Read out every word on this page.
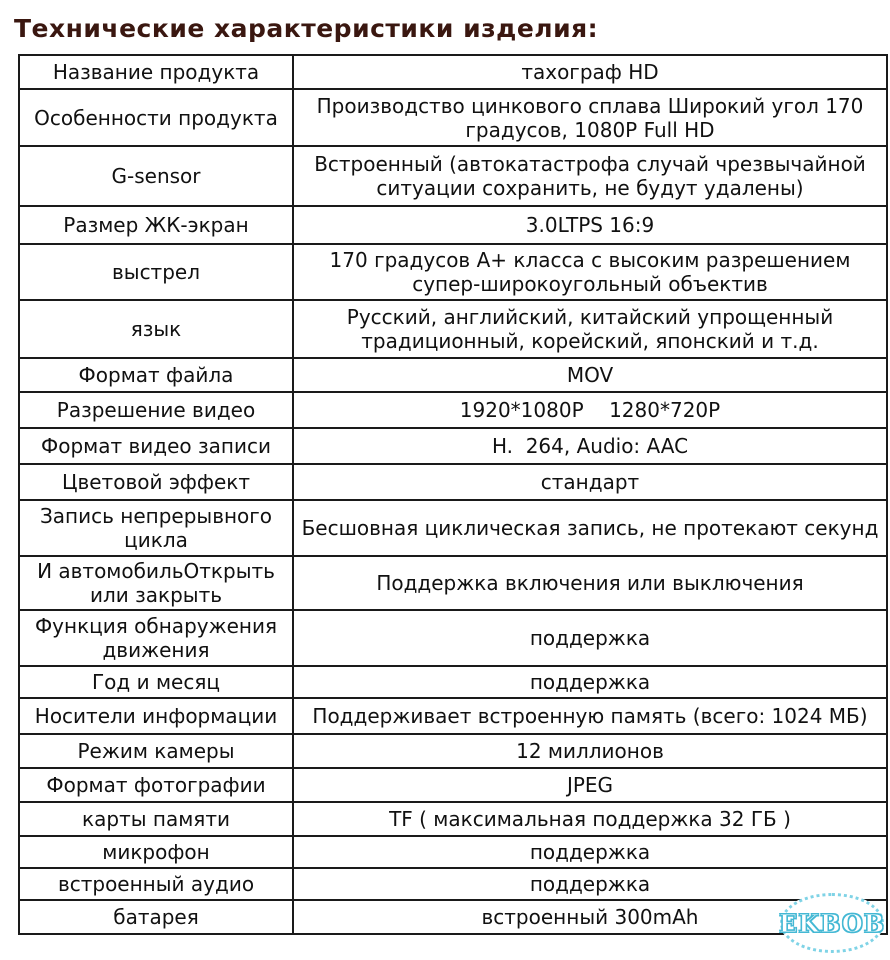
Технические характеристики изделия:
Название продукта	тахограф HD
Особенности продукта	Производство цинкового сплава Широкий угол 170 градусов, 1080P Full HD
G-sensor	Встроенный (автокатастрофа случай чрезвычайной ситуации сохранить, не будут удалены)
Размер ЖК-экран	3.0LTPS 16:9
выстрел	170 градусов А+ класса с высоким разрешением супер-широкоугольный объектив
язык	Русский, английский, китайский упрощенный традиционный, корейский, японский и т.д.
Формат файла	MOV
Разрешение видео	1920*1080P    1280*720P
Формат видео записи	H.  264, Audio: AAC
Цветовой эффект	стандарт
Запись непрерывного цикла	Бесшовная циклическая запись, не протекают секунд
И автомобильОткрыть или закрыть	Поддержка включения или выключения
Функция обнаружения движения	поддержка
Год и месяц	поддержка
Носители информации	Поддерживает встроенную память (всего: 1024 МБ)
Режим камеры	12 миллионов
Формат фотографии	JPEG
карты памяти	TF ( максимальная поддержка 32 ГБ )
микрофон	поддержка
встроенный аудио	поддержка
батарея	встроенный 300mAh	EKBOB
